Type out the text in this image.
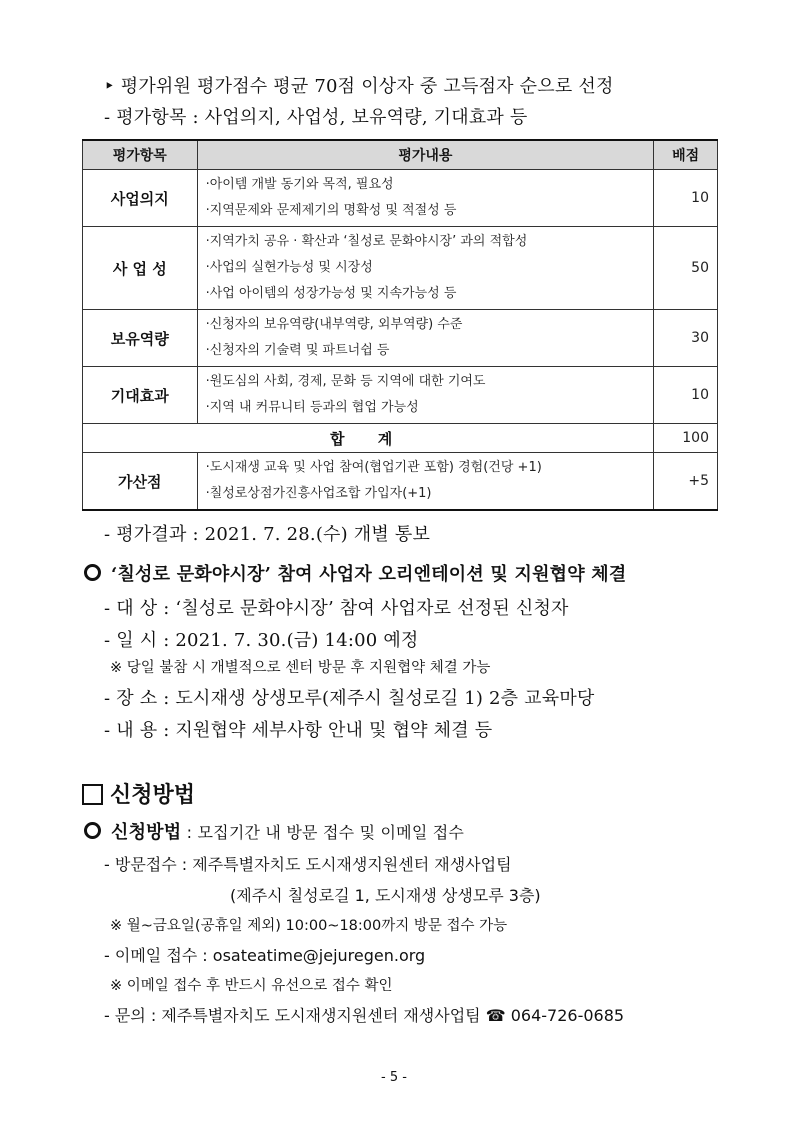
‣ 평가위원 평가점수 평균 70점 이상자 중 고득점자 순으로 선정
- 평가항목 : 사업의지, 사업성, 보유역량, 기대효과 등
평가항목	평가내용	배점
사업의지	·아이템 개발 동기와 목적, 필요성
·지역문제와 문제제기의 명확성 및 적절성 등	10
사 업 성	·지역가치 공유 · 확산과 ‘칠성로 문화야시장’ 과의 적합성
·사업의 실현가능성 및 시장성
·사업 아이템의 성장가능성 및 지속가능성 등	50
보유역량	·신청자의 보유역량(내부역량, 외부역량) 수준
·신청자의 기술력 및 파트너쉽 등	30
기대효과	·원도심의 사회, 경제, 문화 등 지역에 대한 기여도
·지역 내 커뮤니티 등과의 협업 가능성	10
합 계		100
가산점	·도시재생 교육 및 사업 참여(협업기관 포함) 경험(건당 +1)
·칠성로상점가진흥사업조합 가입자(+1)	+5
- 평가결과 : 2021. 7. 28.(수) 개별 통보
‘칠성로 문화야시장’ 참여 사업자 오리엔테이션 및 지원협약 체결
- 대 상 : ‘칠성로 문화야시장’ 참여 사업자로 선정된 신청자
- 일 시 : 2021. 7. 30.(금) 14:00 예정
※ 당일 불참 시 개별적으로 센터 방문 후 지원협약 체결 가능
- 장 소 : 도시재생 상생모루(제주시 칠성로길 1) 2층 교육마당
- 내 용 : 지원협약 세부사항 안내 및 협약 체결 등
신청방법
신청방법 : 모집기간 내 방문 접수 및 이메일 접수
- 방문접수 : 제주특별자치도 도시재생지원센터 재생사업팀
(제주시 칠성로길 1, 도시재생 상생모루 3층)
※ 월~금요일(공휴일 제외) 10:00~18:00까지 방문 접수 가능
- 이메일 접수 : osateatime@jejuregen.org
※ 이메일 접수 후 반드시 유선으로 접수 확인
- 문의 : 제주특별자치도 도시재생지원센터 재생사업팀 ☎ 064-726-0685
- 5 -
